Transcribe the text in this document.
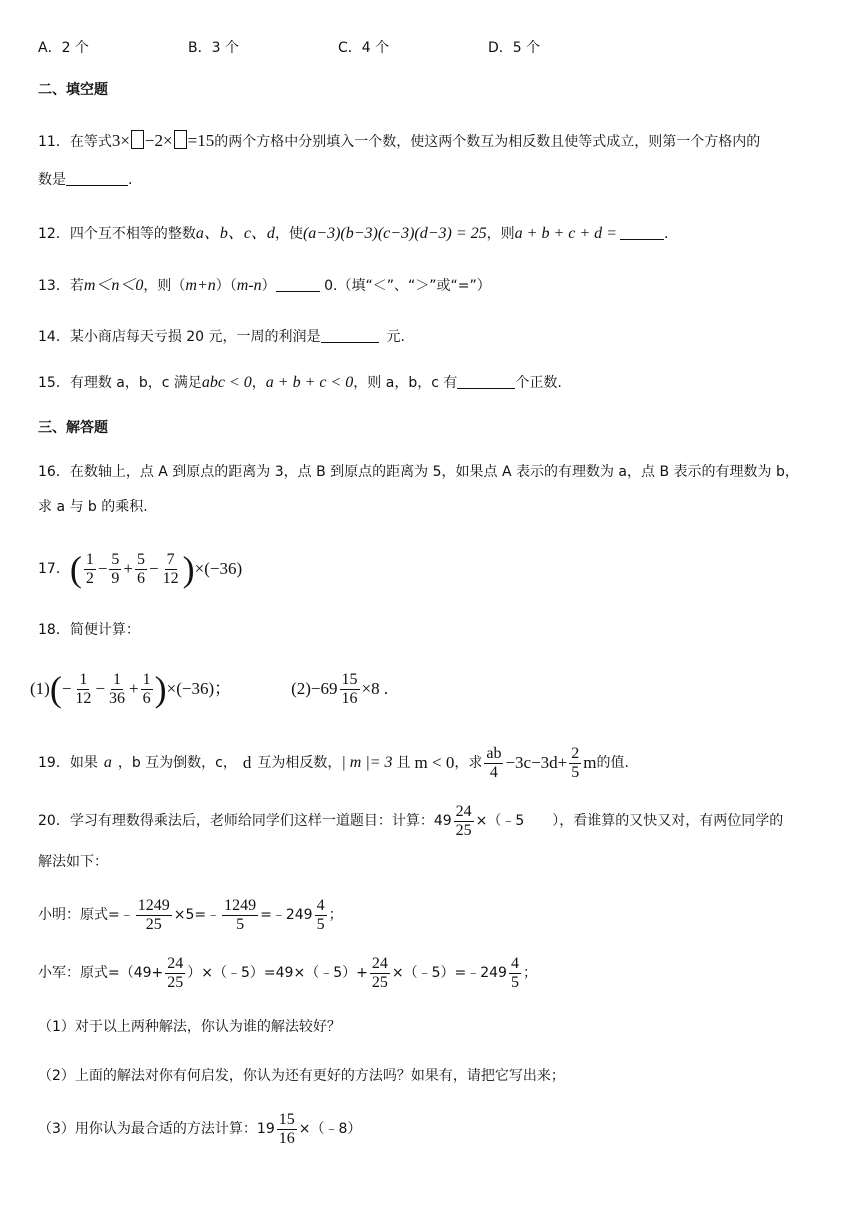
A．2 个	B．3 个	C．4 个	D．5 个
二、填空题
11．在等式3× −2× =15的两个方格中分别填入一个数，使这两个数互为相反数且使等式成立，则第一个方格内的
数是	.
12．四个互不相等的整数a、b、c、d，使(a−3)(b−3)(c−3)(d−3) = 25，则a + b + c + d =	.
13．若m＜n＜0，则（m+n）（m-n）	0.（填“＜”、“＞”或“=”）
14．某小商店每天亏损 20 元，一周的利润是	元.
15．有理数 a，b，c 满足abc < 0，a + b + c < 0，则 a，b，c 有	个正数.
三、解答题
16．在数轴上，点 A 到原点的距离为 3，点 B 到原点的距离为 5，如果点 A 表示的有理数为 a，点 B 表示的有理数为 b，
求 a 与 b 的乘积.
17． ( $\frac{1}{2} - \frac{5}{9} + \frac{5}{6} - \frac{7}{12}$ ) ×(−36)
18．简便计算：
(1) ( − $\frac{1}{12} - \frac{1}{36} + \frac{1}{6}$ ) ×(−36)；	$(2)-69 \frac{15}{16} \times 8$ .
19．如果 a ，b 互为倒数，c， d 互为相反数， | m |= 3 且 m < 0 ，求 $\frac{ab}{4} -3c-3d+ \frac{2}{5}$ m 的值.
20．学习有理数得乘法后，老师给同学们这样一道题目：计算：$49 \frac{24}{25}$ ×（﹣5　　），看谁算的又快又对，有两位同学的
解法如下：
小明：原式=﹣ $\frac{1249}{25}$ ×5=﹣ $\frac{1249}{5}$ =﹣249 $\frac{4}{5}$ ；
小军：原式$=(49+ \frac{24}{25}$ ）×（﹣5）=49×（﹣5）+ $\frac{24}{25}$ ×（﹣5）=﹣249 $\frac{4}{5}$ ；
（1）对于以上两种解法，你认为谁的解法较好？
（2）上面的解法对你有何启发，你认为还有更好的方法吗？如果有，请把它写出来；
（3）用你认为最合适的方法计算：$19 \frac{15}{16}$ ×（﹣8）
